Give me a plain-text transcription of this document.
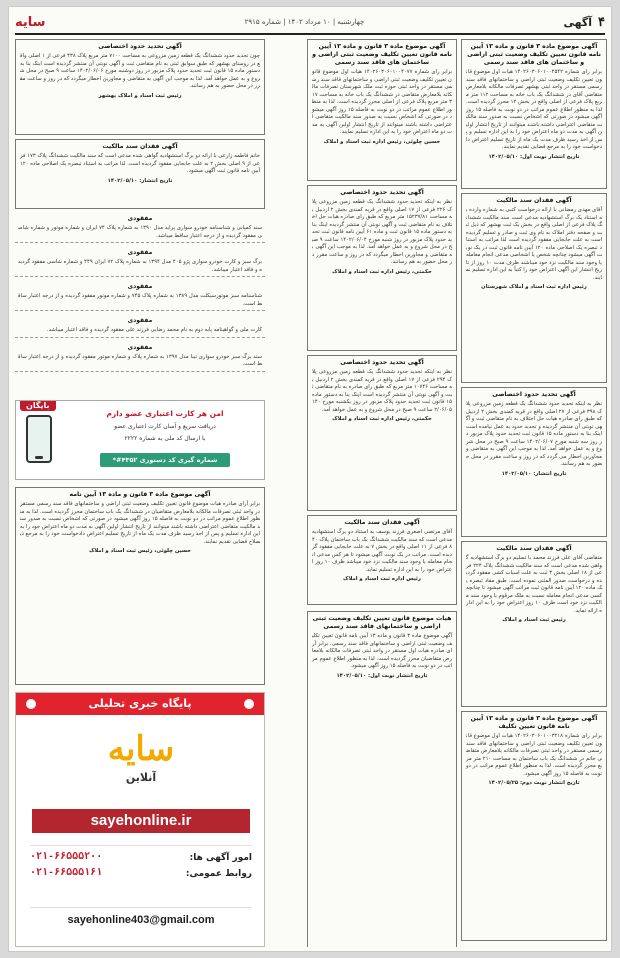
۴
آگهی
چهارشنبه | ۱۰ مرداد ۱۴۰۲ | شماره ۲۹۱۵
سایه
آگهی موضوع ماده ۳ قانون و ماده ۱۳ آیین نامه قانون تعیین تکلیف وضعیت ثبتی اراضی و ساختمان های فاقد سند رسمی

برابر رای شماره ۱۴۰۲۶۰۳۰۶۰۱۰۰۴۵۴۲ هیات اول موضوع قانون تعیین تکلیف وضعیت ثبتی اراضی و ساختمانهای فاقد سند رسمی مستقر در واحد ثبتی بهشهر تصرفات مالکانه بلامعارض متقاضی آقای در ششدانگ یک باب خانه به مساحت ۱۱۲ متر مربع پلاک فرعی از اصلی واقع در بخش ۱۲ محرز گردیده است. لذا به منظور اطلاع عموم مراتب در دو نوبت به فاصله ۱۵ روز آگهی میشود در صورتی که اشخاص نسبت به صدور سند مالکیت متقاضی اعتراضی داشته باشند میتوانند از تاریخ انتشار اولین آگهی به مدت دو ماه اعتراض خود را به این اداره تسلیم و پس از اخذ رسید ظرف مدت یک ماه از تاریخ تسلیم اعتراض دادخواست خود را به مرجع قضایی تقدیم نمایند.

تاریخ انتشار نوبت اول: ۱۴۰۲/۰۵/۱۰
آگهی فقدان سند مالکیت

آقای مهدی رمضانی با ارائه درخواست کتبی به شماره وارده به استناد یک برگ استشهادیه مدعی است سند مالکیت ششدانگ پلاک فرعی از اصلی واقع در بخش یک ثبت بهشهر که ذیل ثبت و صفحه دفتر املاک به نام وی ثبت و صادر و تسلیم گردیده است به علت جابجایی مفقود گردیده است لذا مراتب به استناد تبصره یک اصلاحی ماده ۱۲۰ آیین نامه قانون ثبت در یک نوبت آگهی میشود چنانچه شخص یا اشخاصی مدعی انجام معامله یا وجود سند مالکیت نزد خود میباشند ظرف مدت ۱۰ روز از تاریخ انتشار این آگهی اعتراض خود را کتباً به این اداره تسلیم نمایند.

رئیس اداره ثبت اسناد و املاک شهرستان
آگهی تحدید حدود اختصاصی

نظر به اینکه تحدید حدود ششدانگ یک قطعه زمین مزروعی پلاک ۳۹۸ فرعی از ۲۷ اصلی واقع در قریه کمندی بخش ۲ اردبیل که طبق رای صادره هیات حل اختلاف به نام متقاضی ثبت و آگهی نوبتی آن منتشر گردیده و تحدید حدود به عمل نیامده است اینک بنا به دستور ماده ۱۵ قانون ثبت تحدید حدود پلاک مزبور در روز سه شنبه مورخ ۱۴۰۲/۰۶/۰۷ ساعت ۹ صبح در محل شروع و به عمل خواهد آمد. لذا به موجب این آگهی به متقاضی و مجاورین اخطار می گردد که در روز و ساعت مقرر در محل حضور به هم رسانند.

تاریخ انتشار: ۱۴۰۲/۰۵/۱۰
آگهی فقدان سند مالکیت

متقاضی آقای علی فرزند محمد با تسلیم دو برگ استشهادیه گواهی شده مدعی است که سند مالکیت ششدانگ پلاک ۲۲۴ فرعی از ۱۸ اصلی بخش ۳ ثبت به علت اسباب کشی مفقود گردیده و درخواست صدور المثنی نموده است. طبق مفاد تبصره یک ماده ۱۲۰ آیین نامه قانون ثبت مراتب آگهی میشود تا چنانچه کسی مدعی انجام معامله نسبت به ملک مرقوم یا وجود سند مالکیت نزد خود است ظرف ۱۰ روز اعتراض خود را به این اداره ارائه نماید.

رئیس ثبت اسناد و املاک
آگهی موضوع ماده ۳ قانون و ماده ۱۳ آیین نامه قانون تعیین تکلیف

برابر رای شماره ۱۴۰۲۶۰۳۰۶۰۱۰۰۳۲۱۸ هیات اول موضوع قانون تعیین تکلیف وضعیت ثبتی اراضی و ساختمانهای فاقد سند رسمی مستقر در واحد ثبتی تصرفات مالکانه بلامعارض متقاضی خانم در ششدانگ یک باب ساختمان به مساحت ۲۱۰ متر مربع محرز گردیده است. لذا به منظور اطلاع عموم مراتب در دو نوبت به فاصله ۱۵ روز آگهی میشود.

تاریخ انتشار نوبت دوم: ۱۴۰۲/۰۵/۲۵
آگهی موضوع ماده ۳ قانون و ماده ۱۳ آیین نامه قانون تعیین تکلیف وضعیت ثبتی اراضی و ساختمان های فاقد سند رسمی

برابر رای شماره ۱۴۰۲۶۰۳۰۶۰۱۰۰۴۰۷۷ هیات اول موضوع قانون تعیین تکلیف وضعیت ثبتی اراضی و ساختمانهای فاقد سند رسمی مستقر در واحد ثبتی حوزه ثبت ملک شهرستان تصرفات مالکانه بلامعارض متقاضی در ششدانگ یک باب خانه به مساحت ۱۷۳ متر مربع پلاک فرعی از اصلی محرز گردیده است. لذا به منظور اطلاع عموم مراتب در دو نوبت به فاصله ۱۵ روز آگهی میشود در صورتی که اشخاص نسبت به صدور سند مالکیت متقاضی اعتراضی داشته باشند میتوانند از تاریخ انتشار اولین آگهی به مدت دو ماه اعتراض خود را به این اداره تسلیم نمایند.

حسین چلوئی، رئیس اداره ثبت اسناد و املاک
آگهی تحدید حدود اختصاصی

نظر به اینکه تحدید حدود ششدانگ یک قطعه زمین مزروعی پلاک ۲۲۶ فرعی از ۱۷ اصلی واقع در قریه کمندی بخش ۲ اردبیل به مساحت ۱۵۲۳۷/۸۱ متر مربع که طبق رای صادره هیات حل اختلاف به نام متقاضی ثبت و آگهی نوبتی آن منتشر گردیده اینک بنا به دستور ماده ۱۵ قانون ثبت و ماده ۶۱ آیین نامه قانون ثبت تحدید حدود پلاک مزبور در روز شنبه مورخ ۱۴۰۲/۰۶/۰۴ ساعت ۹ صبح در محل شروع و به عمل خواهد آمد. لذا به موجب این آگهی به متقاضی و مجاورین اخطار میگردد که در روز و ساعت مقرر در محل حضور به هم رسانند.

حکمتی، رئیس اداره ثبت اسناد و املاک
آگهی تحدید حدود اختصاصی

نظر به اینکه تحدید حدود ششدانگ یک قطعه زمین مزروعی پلاک ۲۹۴ فرعی از ۱۷ اصلی واقع در قریه کمندی بخش ۲ اردبیل به مساحت ۱۰۷۴۶ متر مربع که طبق رای صادره به نام متقاضی ثبت و آگهی نوبتی آن منتشر گردیده است اینک بنا به دستور ماده ۱۵ قانون ثبت تحدید حدود پلاک مزبور در روز یکشنبه مورخ ۱۴۰۲/۰۶/۰۵ ساعت ۹ صبح در محل شروع و به عمل خواهد آمد.

حکمتی، رئیس اداره ثبت اسناد و املاک
آگهی فقدان سند مالکیت

آقای مرتضی اصغری فرزند یوسف به استناد دو برگ استشهادیه مدعی است که سند مالکیت ششدانگ یک باب ساختمان پلاک ۴۰۸ فرعی از ۱۱ اصلی واقع در بخش ۷ به علت جابجایی مفقود گردیده است. مراتب در یک نوبت آگهی میشود تا هر کس مدعی انجام معامله یا وجود سند مالکیت نزد خود میباشد ظرف ۱۰ روز اعتراض خود را به این اداره تسلیم نماید.

رئیس اداره ثبت اسناد و املاک
هیات موضوع قانون تعیین تکلیف وضعیت ثبتی اراضی و ساختمانهای فاقد سند رسمی

آگهی موضوع ماده ۳ قانون و ماده ۱۳ آیین نامه قانون تعیین تکلیف وضعیت ثبتی اراضی و ساختمانهای فاقد سند رسمی، برابر آرای صادره هیات اول مستقر در واحد ثبتی تصرفات مالکانه بلامعارض متقاضیان محرز گردیده است. لذا به منظور اطلاع عموم مراتب در دو نوبت به فاصله ۱۵ روز آگهی میشود.

تاریخ انتشار نوبت اول: ۱۴۰۲/۰۵/۱۰
آگهی تحدید حدود اختصاصی

چون تحدید حدود ششدانگ یک قطعه زمین مزروعی به مساحت ۷۱۰۰ متر مربع پلاک ۴۳۸ فرعی از ۱ اصلی واقع در روستای بهشهر که طبق سوابق ثبتی به نام متقاضی ثبت و آگهی نوبتی آن منتشر گردیده است اینک بنا به دستور ماده ۱۵ قانون ثبت تحدید حدود پلاک مزبور در روز دوشنبه مورخ ۱۴۰۲/۰۶/۰۶ ساعت ۹ صبح در محل شروع و به عمل خواهد آمد. لذا به موجب این آگهی به متقاضی و مجاورین اخطار میگردد که در روز و ساعت مقرر در محل حضور به هم رسانند.

رئیس ثبت اسناد و املاک بهشهر
آگهی فقدان سند مالکیت

خانم فاطمه زارعی با ارائه دو برگ استشهادیه گواهی شده مدعی است که سند مالکیت ششدانگ پلاک ۱۷۳ فرعی از ۹ اصلی بخش ۲ به علت جابجایی مفقود گردیده است. لذا مراتب به استناد تبصره یک اصلاحی ماده ۱۲۰ آیین نامه قانون ثبت آگهی میشود.

تاریخ انتشار: ۱۴۰۲/۰۵/۱۰
مفقودی

سند کمپانی و شناسنامه خودرو سواری پراید مدل ۱۳۹۰ به شماره پلاک ۷۴ ایران و شماره موتور و شماره شاسی مفقود گردیده و از درجه اعتبار ساقط میباشد.

مفقودی

برگ سبز و کارت خودرو سواری پژو ۴۰۵ مدل ۱۳۹۴ به شماره پلاک ۷۲ ایران ۴۴۹ و شماره شاسی مفقود گردیده و فاقد اعتبار میباشد.

مفقودی

شناسنامه سبز موتورسیکلت مدل ۱۳۸۹ به شماره پلاک ۷۴۵ و شماره موتور مفقود گردیده و از درجه اعتبار ساقط است.

مفقودی

کارت ملی و گواهینامه پایه دوم به نام محمد رضایی فرزند علی مفقود گردیده و فاقد اعتبار میباشد.

مفقودی

سند برگ سبز خودرو سواری تیبا مدل ۱۳۹۷ به شماره پلاک و شماره موتور مفقود گردیده و از درجه اعتبار ساقط است.

بایگان
امن هر کارت اعتباری عضو دارم
دریافت سریع و آسان کارت اعتباری عضو
با ارسال کد ملی به شماره ۲۲۲۲
شماره گیری کد دستوری ۴۳۵۲#*
آگهی موضوع ماده ۳ قانون و ماده ۱۳ آیین نامه

برابر آرای صادره هیات موضوع قانون تعیین تکلیف وضعیت ثبتی اراضی و ساختمانهای فاقد سند رسمی مستقر در واحد ثبتی تصرفات مالکانه بلامعارض متقاضیان در ششدانگ یک باب ساختمان محرز گردیده است. لذا به منظور اطلاع عموم مراتب در دو نوبت به فاصله ۱۵ روز آگهی میشود در صورتی که اشخاص نسبت به صدور سند مالکیت متقاضی اعتراضی داشته باشند میتوانند از تاریخ انتشار اولین آگهی به مدت دو ماه اعتراض خود را به این اداره تسلیم و پس از اخذ رسید ظرف مدت یک ماه از تاریخ تسلیم اعتراض دادخواست خود را به مرجع ذیصلاح قضایی تقدیم نمایند.

حسین چلوئی، رئیس ثبت اسناد و املاک
پایگاه خبری تحلیلی
سایه
آنلاین
sayehonline.ir
۰۲۱-۶۶۵۵۵۲۰۰
۰۲۱-۶۶۵۵۵۱۶۱
امور آگهی ها:
روابط عمومی:
sayehonline403@gmail.com
